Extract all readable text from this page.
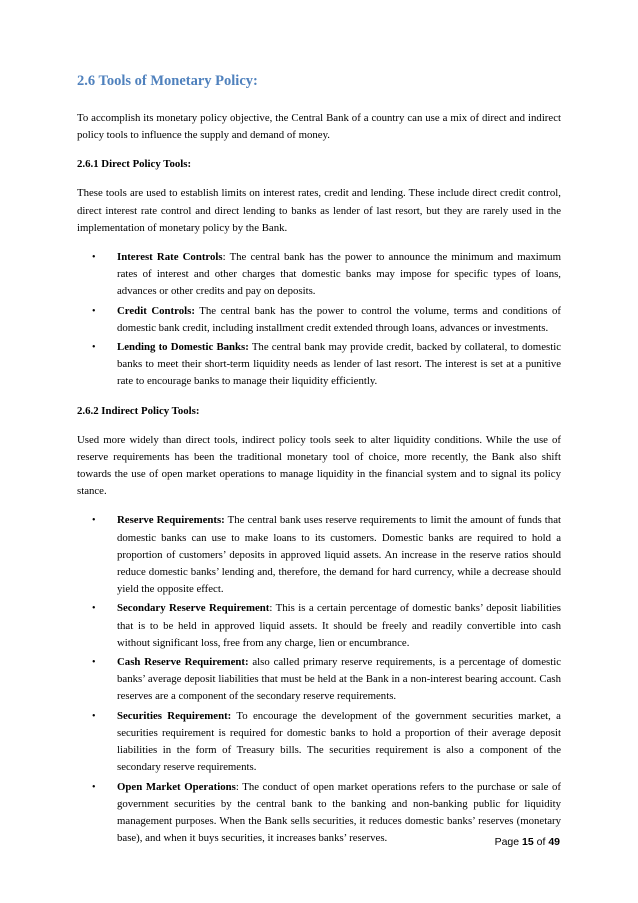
2.6 Tools of Monetary Policy:

To accomplish its monetary policy objective, the Central Bank of a country can use a mix of direct and indirect policy tools to influence the supply and demand of money.

2.6.1 Direct Policy Tools:

These tools are used to establish limits on interest rates, credit and lending. These include direct credit control, direct interest rate control and direct lending to banks as lender of last resort, but they are rarely used in the implementation of monetary policy by the Bank.

• Interest Rate Controls: The central bank has the power to announce the minimum and maximum rates of interest and other charges that domestic banks may impose for specific types of loans, advances or other credits and pay on deposits.
• Credit Controls: The central bank has the power to control the volume, terms and conditions of domestic bank credit, including installment credit extended through loans, advances or investments.
• Lending to Domestic Banks: The central bank may provide credit, backed by collateral, to domestic banks to meet their short-term liquidity needs as lender of last resort. The interest is set at a punitive rate to encourage banks to manage their liquidity efficiently.
2.6.2 Indirect Policy Tools:

Used more widely than direct tools, indirect policy tools seek to alter liquidity conditions. While the use of reserve requirements has been the traditional monetary tool of choice, more recently, the Bank also shift towards the use of open market operations to manage liquidity in the financial system and to signal its policy stance.

• Reserve Requirements: The central bank uses reserve requirements to limit the amount of funds that domestic banks can use to make loans to its customers. Domestic banks are required to hold a proportion of customers’ deposits in approved liquid assets. An increase in the reserve ratios should reduce domestic banks’ lending and, therefore, the demand for hard currency, while a decrease should yield the opposite effect.
• Secondary Reserve Requirement: This is a certain percentage of domestic banks’ deposit liabilities that is to be held in approved liquid assets. It should be freely and readily convertible into cash without significant loss, free from any charge, lien or encumbrance.
• Cash Reserve Requirement: also called primary reserve requirements, is a percentage of domestic banks’ average deposit liabilities that must be held at the Bank in a non-interest bearing account. Cash reserves are a component of the secondary reserve requirements.
• Securities Requirement: To encourage the development of the government securities market, a securities requirement is required for domestic banks to hold a proportion of their average deposit liabilities in the form of Treasury bills. The securities requirement is also a component of the secondary reserve requirements.
• Open Market Operations: The conduct of open market operations refers to the purchase or sale of government securities by the central bank to the banking and non-banking public for liquidity management purposes. When the Bank sells securities, it reduces domestic banks’ reserves (monetary base), and when it buys securities, it increases banks’ reserves.	Page 15 of 49
